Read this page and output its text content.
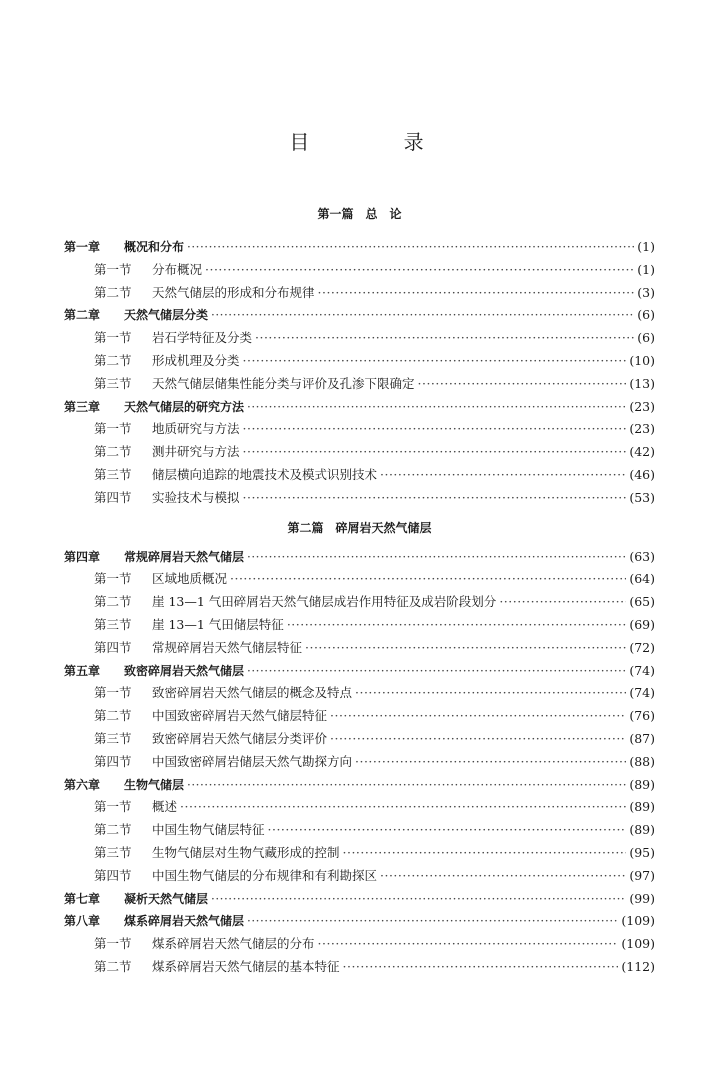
目 录
第一篇　总　论
第一章	概况和分布 ·····	(1)
第一节	分布概况 ·····	(1)
第二节	天然气储层的形成和分布规律 ·····	(3)
第二章	天然气储层分类 ·····	(6)
第一节	岩石学特征及分类 ·····	(6)
第二节	形成机理及分类 ·····	(10)
第三节	天然气储层储集性能分类与评价及孔渗下限确定 ·····	(13)
第三章	天然气储层的研究方法 ·····	(23)
第一节	地质研究与方法 ·····	(23)
第二节	测井研究与方法 ·····	(42)
第三节	储层横向追踪的地震技术及模式识别技术 ·····	(46)
第四节	实验技术与模拟 ·····	(53)
第二篇　碎屑岩天然气储层
第四章	常规碎屑岩天然气储层 ·····	(63)
第一节	区域地质概况 ·····	(64)
第二节	崖 13—1 气田碎屑岩天然气储层成岩作用特征及成岩阶段划分 ·····	(65)
第三节	崖 13—1 气田储层特征 ·····	(69)
第四节	常规碎屑岩天然气储层特征 ·····	(72)
第五章	致密碎屑岩天然气储层 ·····	(74)
第一节	致密碎屑岩天然气储层的概念及特点 ·····	(74)
第二节	中国致密碎屑岩天然气储层特征 ·····	(76)
第三节	致密碎屑岩天然气储层分类评价 ·····	(87)
第四节	中国致密碎屑岩储层天然气勘探方向 ·····	(88)
第六章	生物气储层 ·····	(89)
第一节	概述 ·····	(89)
第二节	中国生物气储层特征 ·····	(89)
第三节	生物气储层对生物气藏形成的控制 ·····	(95)
第四节	中国生物气储层的分布规律和有利勘探区 ·····	(97)
第七章	凝析天然气储层 ·····	(99)
第八章	煤系碎屑岩天然气储层 ·····	(109)
第一节	煤系碎屑岩天然气储层的分布 ·····	(109)
第二节	煤系碎屑岩天然气储层的基本特征 ·····	(112)
